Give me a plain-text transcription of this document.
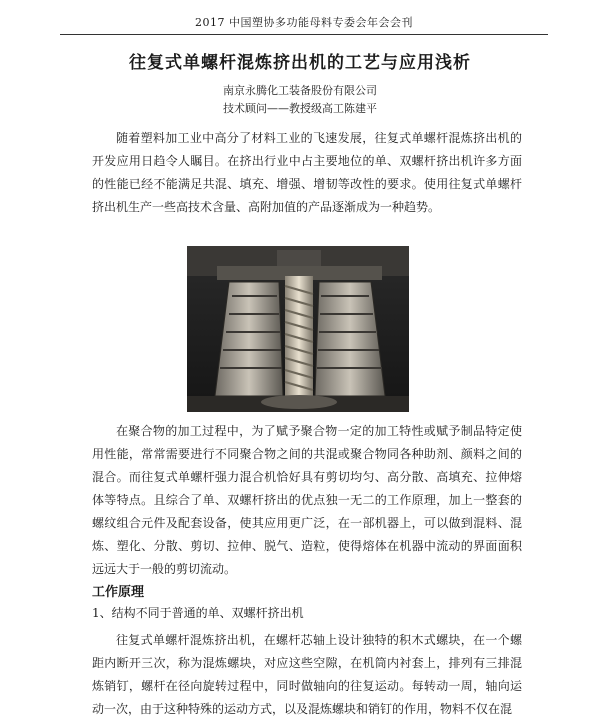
2017 中国塑协多功能母料专委会年会会刊
往复式单螺杆混炼挤出机的工艺与应用浅析
南京永腾化工装备股份有限公司
技术顾问——教授级高工陈建平

随着塑料加工业中高分了材料工业的飞速发展，往复式单螺杆混炼挤出机的开发应用日趋令人瞩目。在挤出行业中占主要地位的单、双螺杆挤出机许多方面的性能已经不能满足共混、填充、增强、增韧等改性的要求。使用往复式单螺杆挤出机生产一些高技术含量、高附加值的产品逐渐成为一种趋势。

在聚合物的加工过程中，为了赋予聚合物一定的加工特性或赋予制品特定使用性能，常常需要进行不同聚合物之间的共混或聚合物同各种助剂、颜料之间的混合。而往复式单螺杆强力混合机恰好具有剪切均匀、高分散、高填充、拉伸熔体等特点。且综合了单、双螺杆挤出的优点独一无二的工作原理，加上一整套的螺纹组合元件及配套设备，使其应用更广泛，在一部机器上，可以做到混料、混炼、塑化、分散、剪切、拉伸、脱气、造粒，使得熔体在机器中流动的界面面积远远大于一般的剪切流动。

工作原理
1、结构不同于普通的单、双螺杆挤出机

往复式单螺杆混炼挤出机，在螺杆芯轴上设计独特的积木式螺块，在一个螺距内断开三次，称为混炼螺块，对应这些空隙，在机筒内衬套上，排列有三排混炼销钉，螺杆在径向旋转过程中，同时做轴向的往复运动。每转动一周，轴向运动一次，由于这种特殊的运动方式，以及混炼螺块和销钉的作用，物料不仅在混
